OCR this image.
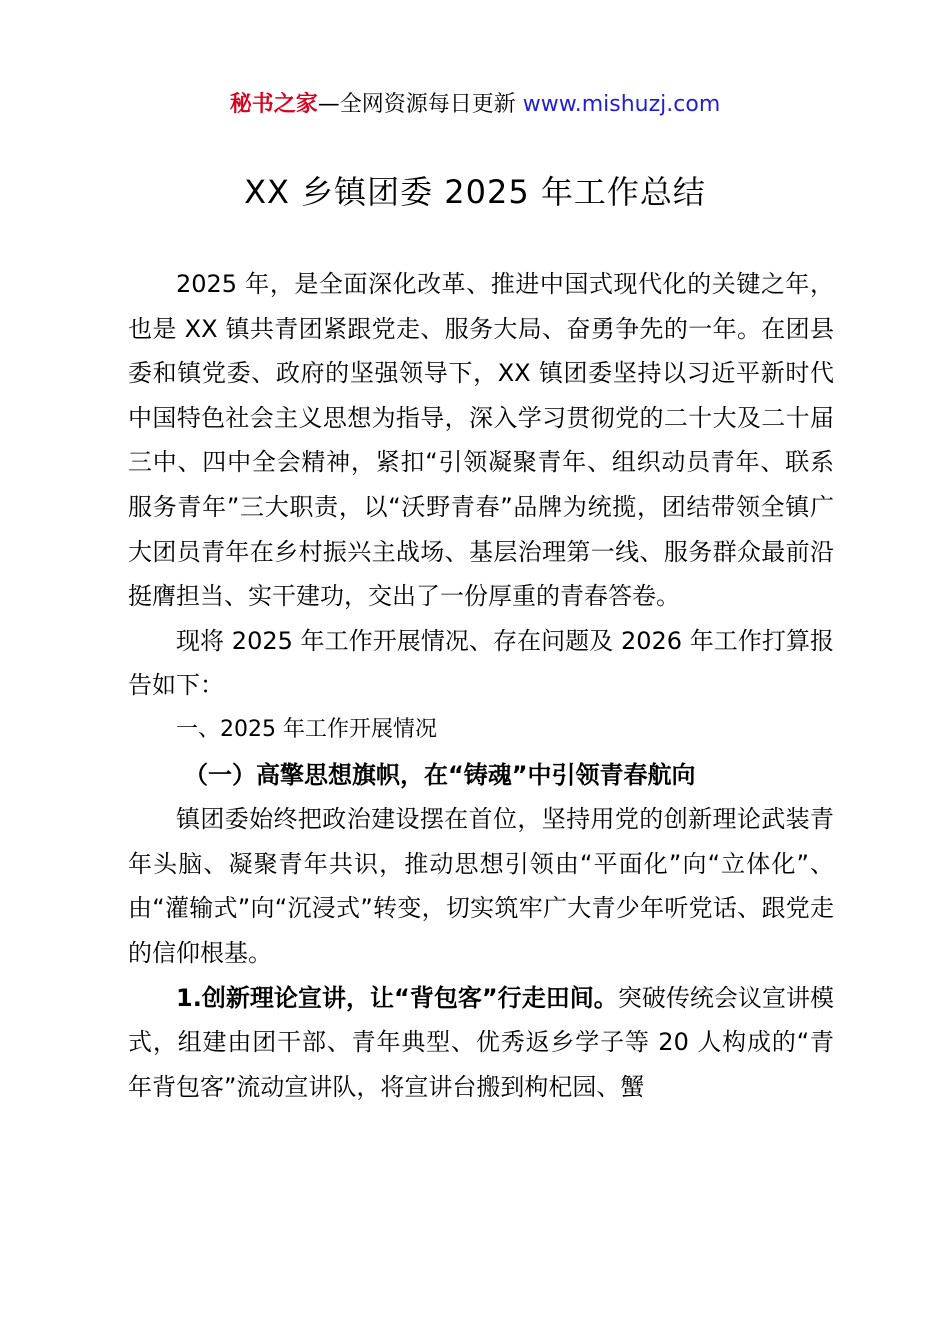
秘书之家—全网资源每日更新 www.mishuzj.com
XX 乡镇团委 2025 年工作总结

2025 年，是全面深化改革、推进中国式现代化的关键之年，也是 XX 镇共青团紧跟党走、服务大局、奋勇争先的一年。在团县委和镇党委、政府的坚强领导下，XX 镇团委坚持以习近平新时代中国特色社会主义思想为指导，深入学习贯彻党的二十大及二十届三中、四中全会精神，紧扣“引领凝聚青年、组织动员青年、联系服务青年”三大职责，以“沃野青春”品牌为统揽，团结带领全镇广大团员青年在乡村振兴主战场、基层治理第一线、服务群众最前沿挺膺担当、实干建功，交出了一份厚重的青春答卷。

现将 2025 年工作开展情况、存在问题及 2026 年工作打算报告如下：

一、2025 年工作开展情况

（一）高擎思想旗帜，在“铸魂”中引领青春航向

镇团委始终把政治建设摆在首位，坚持用党的创新理论武装青年头脑、凝聚青年共识，推动思想引领由“平面化”向“立体化”、由“灌输式”向“沉浸式”转变，切实筑牢广大青少年听党话、跟党走的信仰根基。

1.创新理论宣讲，让“背包客”行走田间。突破传统会议宣讲模式，组建由团干部、青年典型、优秀返乡学子等 20 人构成的“青年背包客”流动宣讲队，将宣讲台搬到枸杞园、蟹
